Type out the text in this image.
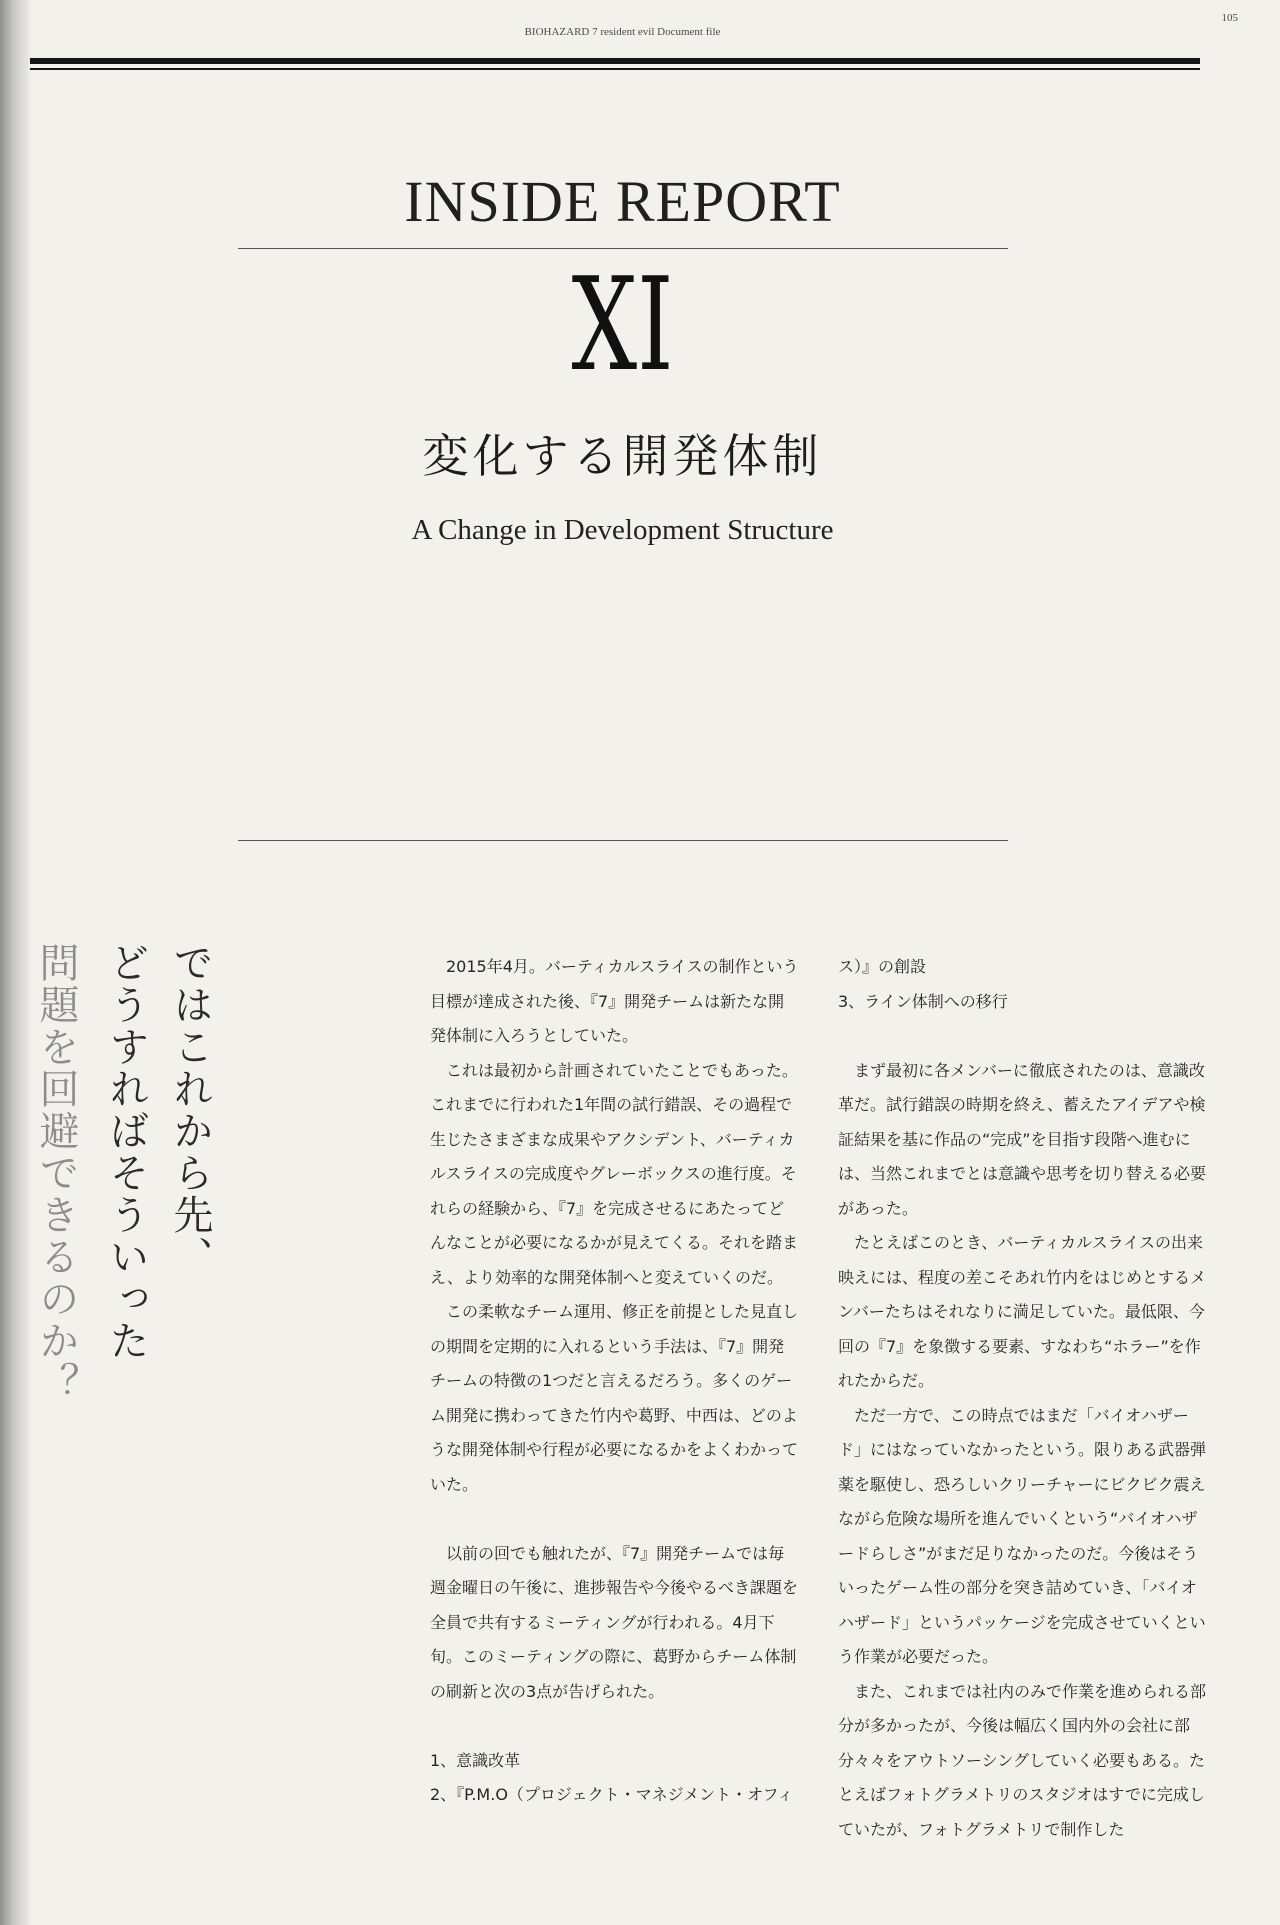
BIOHAZARD 7 resident evil Document file
105
INSIDE REPORT
XI
変化する開発体制
A Change in Development Structure
ではこれから先、
どうすればそういった
問題を回避できるのか？	2015年4月。バーティカルスライスの制作という目標が達成された後、『7』開発チームは新たな開発体制に入ろうとしていた。

これは最初から計画されていたことでもあった。これまでに行われた1年間の試行錯誤、その過程で生じたさまざまな成果やアクシデント、バーティカルスライスの完成度やグレーボックスの進行度。それらの経験から、『7』を完成させるにあたってどんなことが必要になるかが見えてくる。それを踏まえ、より効率的な開発体制へと変えていくのだ。

この柔軟なチーム運用、修正を前提とした見直しの期間を定期的に入れるという手法は、『7』開発チームの特徴の1つだと言えるだろう。多くのゲーム開発に携わってきた竹内や葛野、中西は、どのような開発体制や行程が必要になるかをよくわかっていた。

以前の回でも触れたが、『7』開発チームでは毎週金曜日の午後に、進捗報告や今後やるべき課題を全員で共有するミーティングが行われる。4月下旬。このミーティングの際に、葛野からチーム体制の刷新と次の3点が告げられた。

1、意識改革

2、『P.M.O（プロジェクト・マネジメント・オフィ

ス）』の創設

3、ライン体制への移行

まず最初に各メンバーに徹底されたのは、意識改革だ。試行錯誤の時期を終え、蓄えたアイデアや検証結果を基に作品の“完成”を目指す段階へ進むには、当然これまでとは意識や思考を切り替える必要があった。

たとえばこのとき、バーティカルスライスの出来映えには、程度の差こそあれ竹内をはじめとするメンバーたちはそれなりに満足していた。最低限、今回の『7』を象徴する要素、すなわち“ホラー”を作れたからだ。

ただ一方で、この時点ではまだ「バイオハザード」にはなっていなかったという。限りある武器弾薬を駆使し、恐ろしいクリーチャーにビクビク震えながら危険な場所を進んでいくという“バイオハザードらしさ”がまだ足りなかったのだ。今後はそういったゲーム性の部分を突き詰めていき、「バイオハザード」というパッケージを完成させていくという作業が必要だった。

また、これまでは社内のみで作業を進められる部分が多かったが、今後は幅広く国内外の会社に部分々々をアウトソーシングしていく必要もある。たとえばフォトグラメトリのスタジオはすでに完成していたが、フォトグラメトリで制作した
